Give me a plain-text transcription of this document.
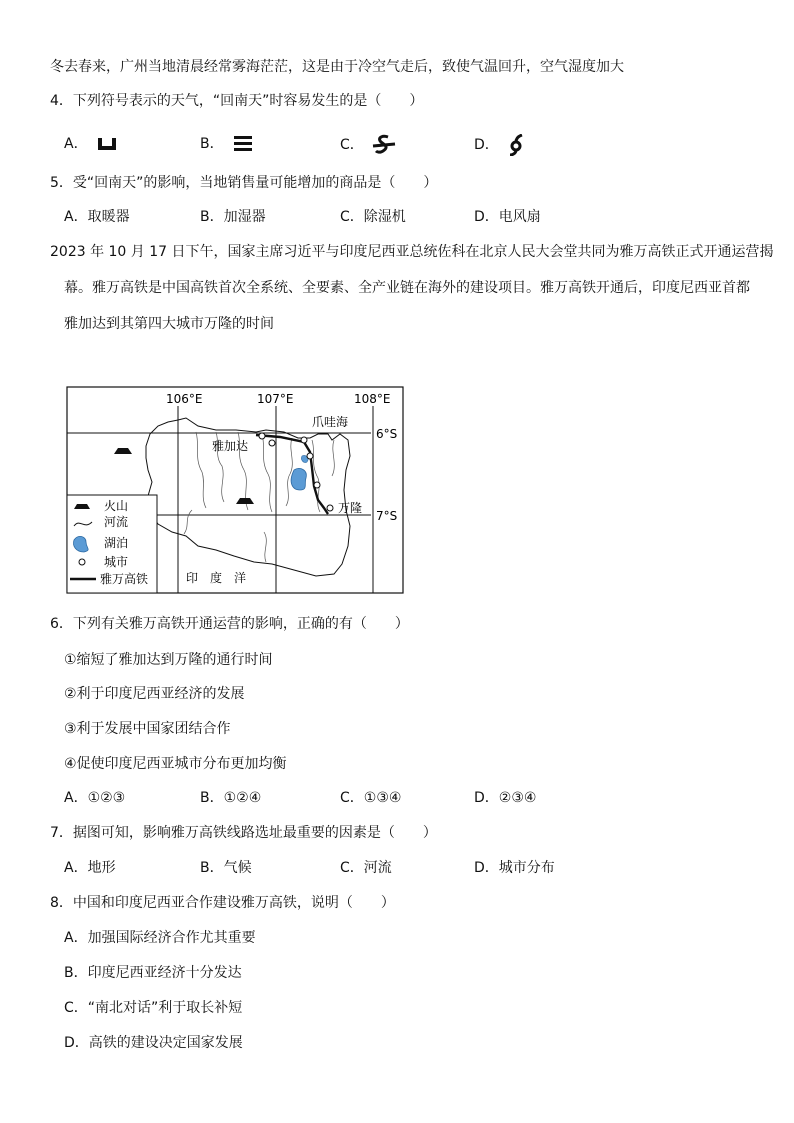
冬去春来，广州当地清晨经常雾海茫茫，这是由于冷空气走后，致使气温回升，空气湿度加大
4．下列符号表示的天气，“回南天”时容易发生的是（　　）
A．	B．	C．	D．
5．受“回南天”的影响，当地销售量可能增加的商品是（　　）
A．取暖器	B．加湿器	C．除湿机	D．电风扇
2023 年 10 月 17 日下午，国家主席习近平与印度尼西亚总统佐科在北京人民大会堂共同为雅万高铁正式开通运营揭
幕。雅万高铁是中国高铁首次全系统、全要素、全产业链在海外的建设项目。雅万高铁开通后，印度尼西亚首都
雅加达到其第四大城市万隆的时间
106°E	107°E	108°E
6°S
7°S
爪哇海
雅加达
万隆
印　度　洋
火山
河流
湖泊
城市
雅万高铁
6．下列有关雅万高铁开通运营的影响，正确的有（　　）
①缩短了雅加达到万隆的通行时间
②利于印度尼西亚经济的发展
③利于发展中国家团结合作
④促使印度尼西亚城市分布更加均衡
A．①②③	B．①②④	C．①③④	D．②③④
7．据图可知，影响雅万高铁线路选址最重要的因素是（　　）
A．地形	B．气候	C．河流	D．城市分布
8．中国和印度尼西亚合作建设雅万高铁，说明（　　）
A．加强国际经济合作尤其重要
B．印度尼西亚经济十分发达
C．“南北对话”利于取长补短
D．高铁的建设决定国家发展
